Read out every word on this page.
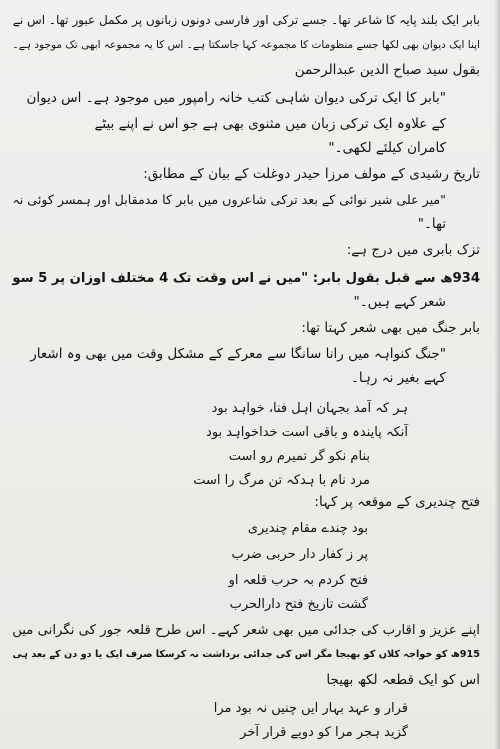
بابر ایک بلند پایہ کا شاعر تھا۔ جسے ترکی اور فارسی دونوں زبانوں پر مکمل عبور تھا۔ اس نے
اپنا ایک دیوان بھی لکھا جسے منظومات کا مجموعہ کہا جاسکتا ہے۔ اس کا یہ مجموعہ ابھی تک موجود ہے۔
بقول سید صباح الدین عبدالرحمن
"بابر کا ایک ترکی دیوان شاہی کتب خانہ رامپور میں موجود ہے۔ اس دیوان
کے علاوہ ایک ترکی زبان میں مثنوی بھی ہے جو اس نے اپنے بیٹے
کامران کیلئے لکھی۔"
تاریخ رشیدی کے مولف مرزا حیدر دوغلت کے بیان کے مطابق:
"میر علی شیر نوائی کے بعد ترکی شاعروں میں بابر کا مدمقابل اور ہمسر کوئی نہ
تھا۔"
تزک بابری میں درج ہے:
934ھ سے قبل بقول بابر: "میں نے اس وقت تک 4 مختلف اوزان پر 5 سو
شعر کہے ہیں۔"
بابر جنگ میں بھی شعر کہتا تھا:
"جنگ کنواہہ میں رانا سانگا سے معرکے کے مشکل وقت میں بھی وہ اشعار
کہے بغیر نہ رہا۔
ہر کہ آمد بجہان اہل فنا، خواہد بود
آنکہ پایندہ و باقی است خداخواہد بود
بنام نکو گر تمیرم رو است
مرد نام با ہدکہ تن مرگ را است
فتح چندیری کے موقعہ پر کہا:
بود چندے مقام چندیری
پر ز کفار دار حربی ضرب
فتح کردم بہ حرب قلعہ او
گشت تاریخ فتح دارالحرب
اپنے عزیز و اقارب کی جدائی میں بھی شعر کہے۔ اس طرح قلعہ جور کی نگرانی میں
915ھ کو خواجہ کلاں کو بھیجا مگر اس کی جدائی برداشت نہ کرسکا صرف ایک یا دو دن کے بعد ہی
اس کو ایک قطعہ لکھ بھیجا
قرار و عہد بہار ایں چنیں نہ بود مرا
گزید ہجر مرا کو دویے قرار آخر
